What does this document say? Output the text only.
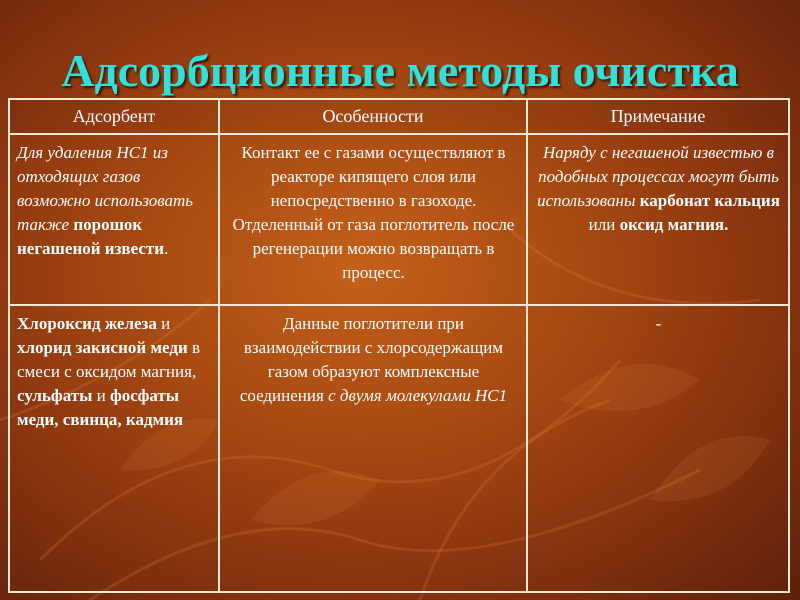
Адсорбционные методы очистка
Адсорбент	Особенности	Примечание
Для удаления НС1 из отходящих газов возможно использовать также порошок негашеной извести.	Контакт ее с газами осуществляют в реакторе кипящего слоя или непосредственно в газоходе. Отделенный от газа поглотитель после регенерации можно возвращать в процесс.	Наряду с негашеной известью в подобных процессах могут быть использованы карбонат кальция или оксид магния.
Хлороксид железа и хлорид закисной меди в смеси с оксидом магния, сульфаты и фосфаты меди, свинца, кадмия	Данные поглотители при взаимодействии с хлорсодержащим газом образуют комплексные соединения с двумя молекулами НС1	-
